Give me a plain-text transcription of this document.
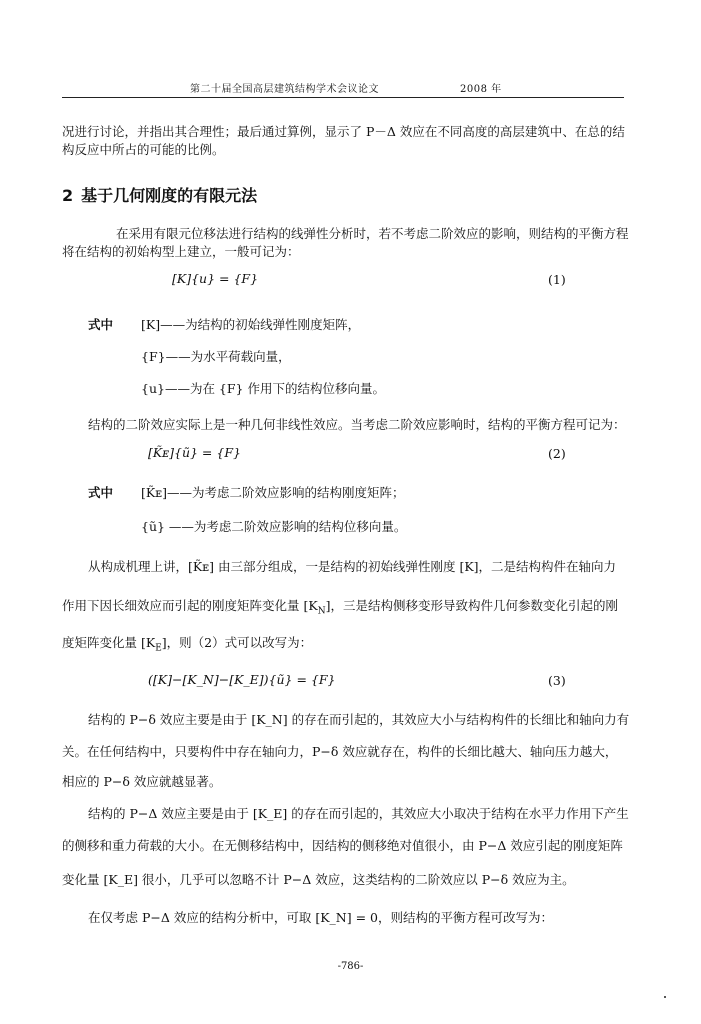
第二十届全国高层建筑结构学术会议论文	2008 年
况进行讨论，并指出其合理性；最后通过算例，显示了 P－Δ 效应在不同高度的高层建筑中、在总的结
构反应中所占的可能的比例。
2 基于几何刚度的有限元法
在采用有限元位移法进行结构的线弹性分析时，若不考虑二阶效应的影响，则结构的平衡方程
将在结构的初始构型上建立，一般可记为：
[K]{u} = {F}	(1)
式中 [K]——为结构的初始线弹性刚度矩阵，
{F}——为水平荷载向量，
{u}——为在 {F} 作用下的结构位移向量。
结构的二阶效应实际上是一种几何非线性效应。当考虑二阶效应影响时，结构的平衡方程可记为：
[K̃ᴇ]{ũ} = {F}	(2)
式中 [K̃ᴇ]——为考虑二阶效应影响的结构刚度矩阵；
{ũ} ——为考虑二阶效应影响的结构位移向量。
从构成机理上讲，[K̃ᴇ] 由三部分组成，一是结构的初始线弹性刚度 [K]，二是结构构件在轴向力
作用下因长细效应而引起的刚度矩阵变化量 $[K_N]$，三是结构侧移变形导致构件几何参数变化引起的刚
度矩阵变化量 $[K_E]$，则（2）式可以改写为：
([K]−[K_N]−[K_E]){ũ} = {F}	(3)
结构的 P−δ 效应主要是由于 [K_N] 的存在而引起的，其效应大小与结构构件的长细比和轴向力有
关。在任何结构中，只要构件中存在轴向力，P−δ 效应就存在，构件的长细比越大、轴向压力越大，
相应的 P−δ 效应就越显著。
结构的 P−Δ 效应主要是由于 [K_E] 的存在而引起的，其效应大小取决于结构在水平力作用下产生
的侧移和重力荷载的大小。在无侧移结构中，因结构的侧移绝对值很小，由 P−Δ 效应引起的刚度矩阵
变化量 [K_E] 很小，几乎可以忽略不计 P−Δ 效应，这类结构的二阶效应以 P−δ 效应为主。
在仅考虑 P−Δ 效应的结构分析中，可取 [K_N] = 0，则结构的平衡方程可改写为：
-786-
